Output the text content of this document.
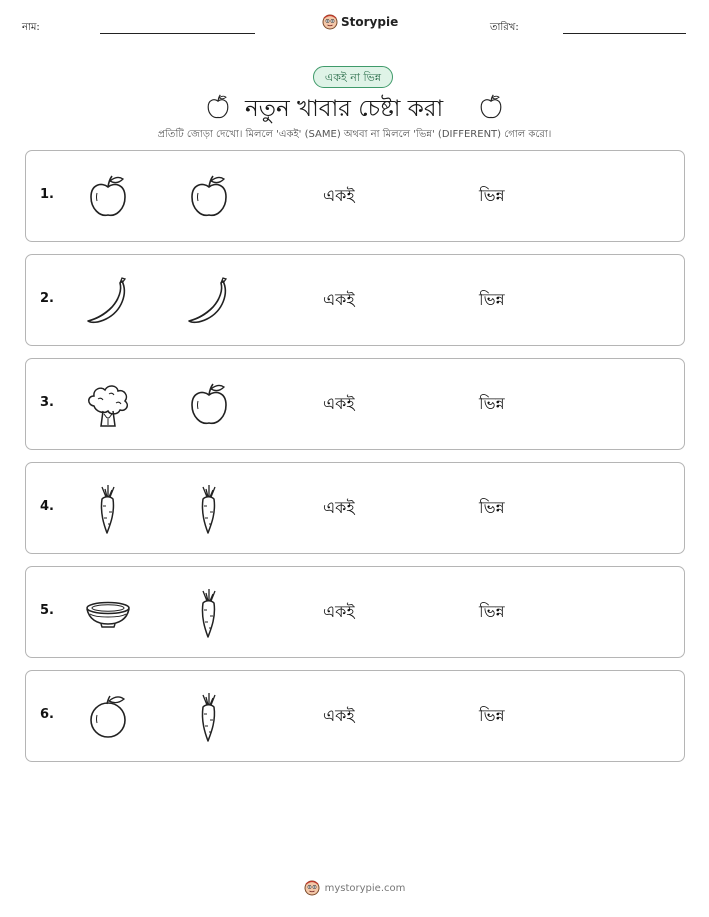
নাম:	Storypie	তারিখ:
একই না ভিন্ন
নতুন খাবার চেষ্টা করা
প্রতিটি জোড়া দেখো। মিললে 'একই' (SAME) অথবা না মিললে 'ভিন্ন' (DIFFERENT) গোল করো।
1.	একই	ভিন্ন
2.	একই	ভিন্ন
3.	একই	ভিন্ন
4.	একই	ভিন্ন
5.	একই	ভিন্ন
6.	একই	ভিন্ন
mystorypie.com
